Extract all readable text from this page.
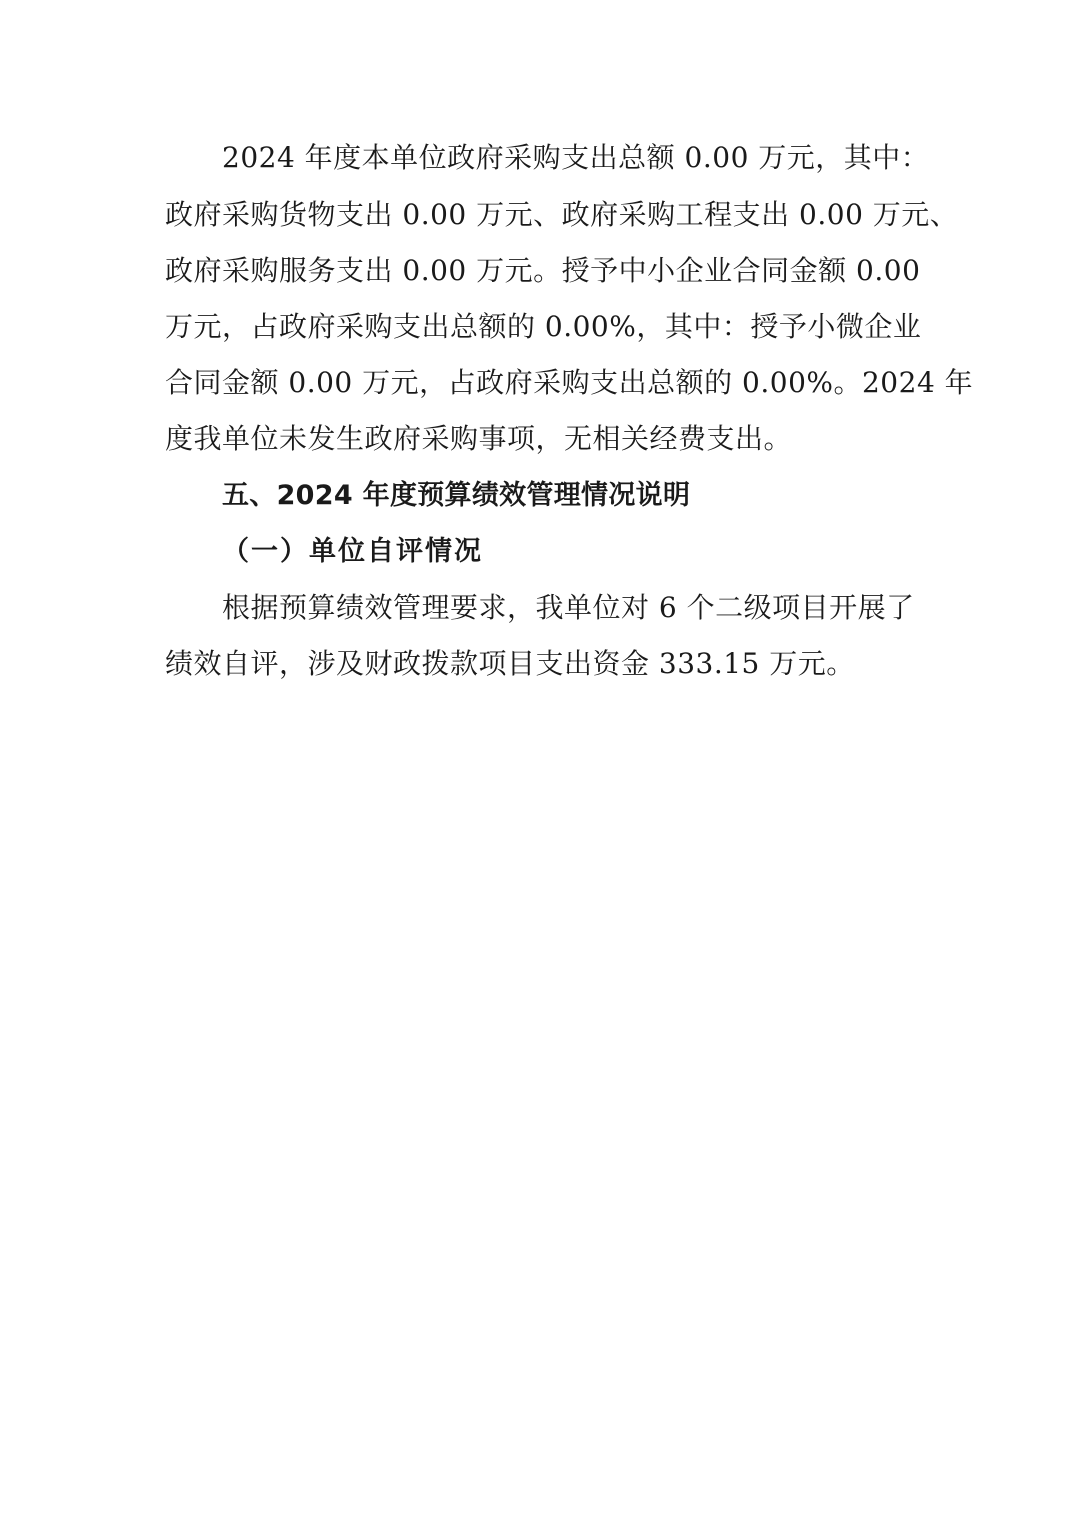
2024 年度本单位政府采购支出总额 0.00 万元，其中：
政府采购货物支出 0.00 万元、政府采购工程支出 0.00 万元、
政府采购服务支出 0.00 万元。授予中小企业合同金额 0.00
万元，占政府采购支出总额的 0.00%，其中：授予小微企业
合同金额 0.00 万元，占政府采购支出总额的 0.00%。2024 年
度我单位未发生政府采购事项，无相关经费支出。
五、2024 年度预算绩效管理情况说明
（一）单位自评情况
根据预算绩效管理要求，我单位对 6 个二级项目开展了
绩效自评，涉及财政拨款项目支出资金 333.15 万元。
